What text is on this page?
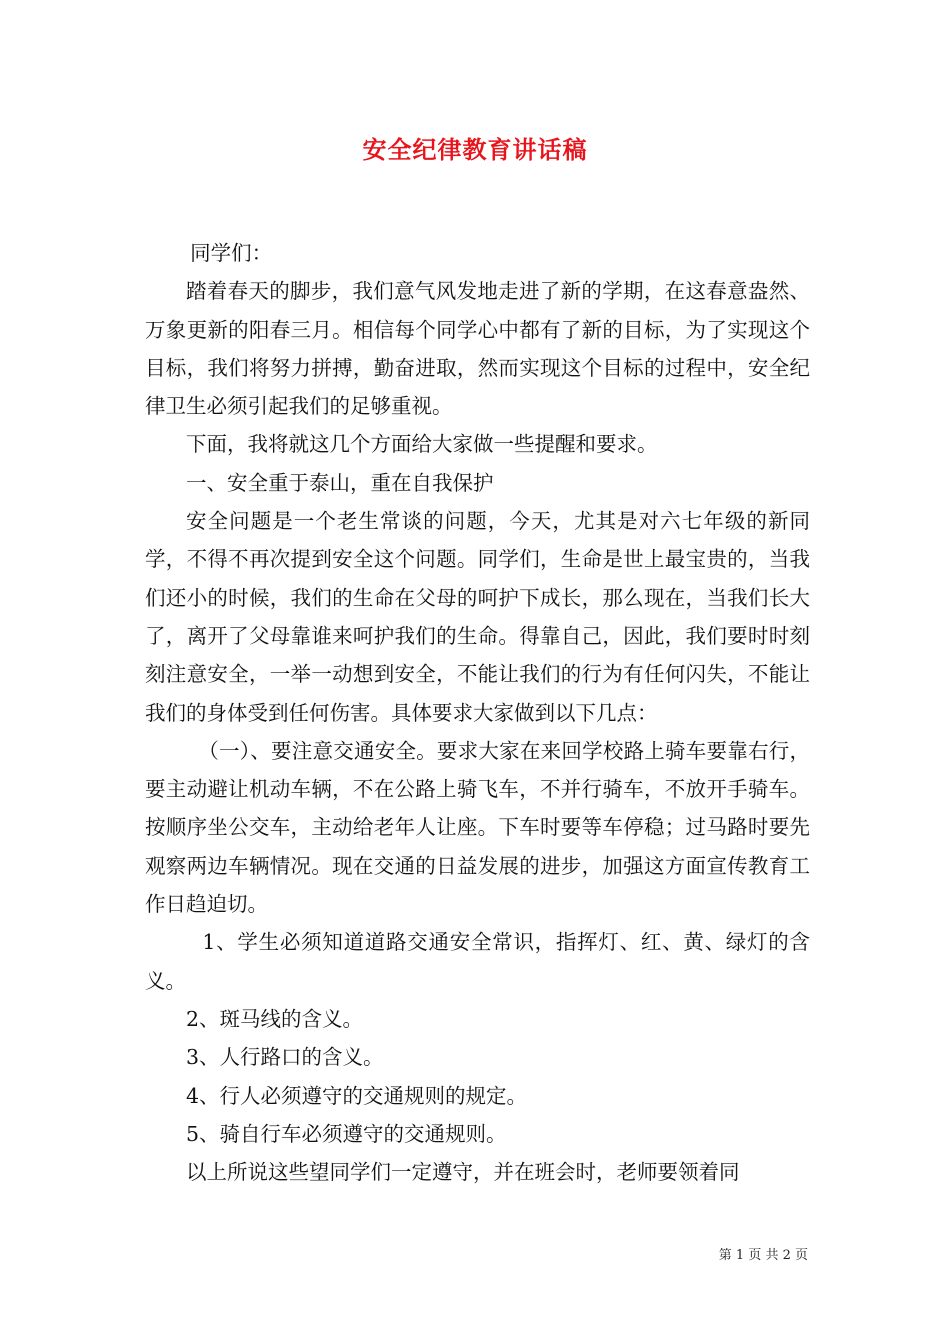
安全纪律教育讲话稿

同学们：

踏着春天的脚步，我们意气风发地走进了新的学期，在这春意盎然、万象更新的阳春三月。相信每个同学心中都有了新的目标，为了实现这个目标，我们将努力拼搏，勤奋进取，然而实现这个目标的过程中，安全纪律卫生必须引起我们的足够重视。

下面，我将就这几个方面给大家做一些提醒和要求。

一、安全重于泰山，重在自我保护

安全问题是一个老生常谈的问题，今天，尤其是对六七年级的新同学，不得不再次提到安全这个问题。同学们，生命是世上最宝贵的，当我们还小的时候，我们的生命在父母的呵护下成长，那么现在，当我们长大了，离开了父母靠谁来呵护我们的生命。得靠自己，因此，我们要时时刻刻注意安全，一举一动想到安全，不能让我们的行为有任何闪失，不能让我们的身体受到任何伤害。具体要求大家做到以下几点：

（一）、要注意交通安全。要求大家在来回学校路上骑车要靠右行，要主动避让机动车辆，不在公路上骑飞车，不并行骑车，不放开手骑车。按顺序坐公交车，主动给老年人让座。下车时要等车停稳；过马路时要先观察两边车辆情况。现在交通的日益发展的进步，加强这方面宣传教育工作日趋迫切。

1、学生必须知道道路交通安全常识，指挥灯、红、黄、绿灯的含义。

2、斑马线的含义。

3、人行路口的含义。

4、行人必须遵守的交通规则的规定。

5、骑自行车必须遵守的交通规则。

以上所说这些望同学们一定遵守，并在班会时，老师要领着同

第 1 页 共 2 页
